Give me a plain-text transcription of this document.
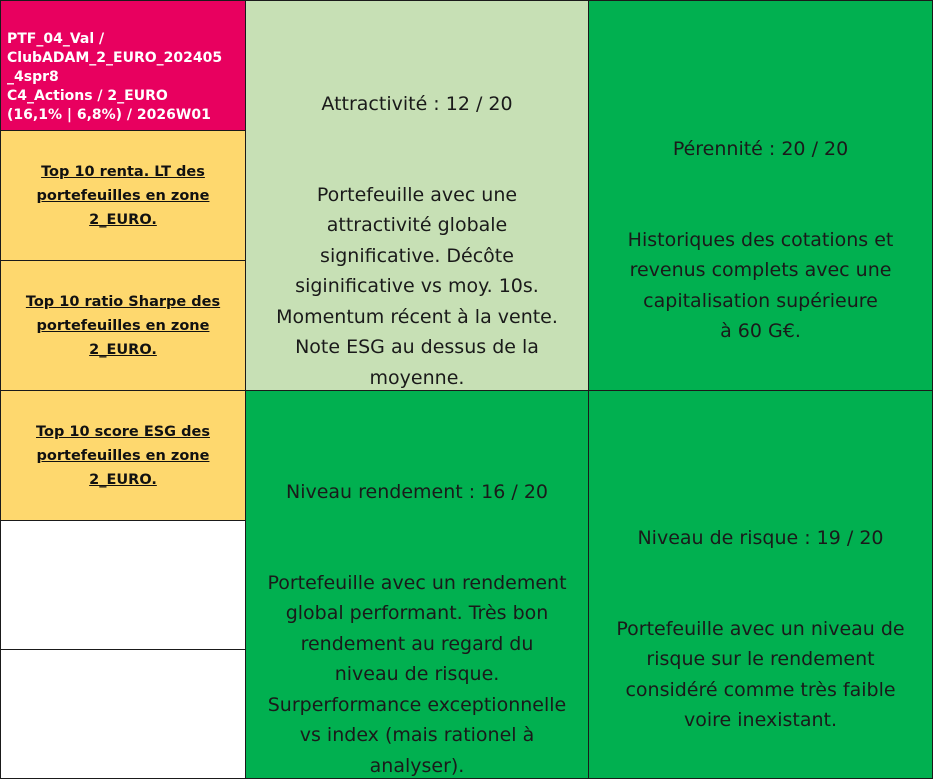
PTF_04_Val /
ClubADAM_2_EURO_202405
_4spr8
C4_Actions / 2_EURO
(16,1% | 6,8%) / 2026W01

Top 10 renta. LT des
portefeuilles en zone
2_EURO.
Top 10 ratio Sharpe des
portefeuilles en zone
2_EURO.
Top 10 score ESG des
portefeuilles en zone
2_EURO.

Attractivité : 12 / 20

Portefeuille avec une
attractivité globale
significative. Décôte
siginificative vs moy. 10s.
Momentum récent à la vente.
Note ESG au dessus de la
moyenne.

Pérennité : 20 / 20

Historiques des cotations et
revenus complets avec une
capitalisation supérieure
à 60 G€.

Niveau rendement : 16 / 20

Portefeuille avec un rendement
global performant. Très bon
rendement au regard du
niveau de risque.
Surperformance exceptionnelle
vs index (mais rationel à
analyser).

Niveau de risque : 19 / 20

Portefeuille avec un niveau de
risque sur le rendement
considéré comme très faible
voire inexistant.
